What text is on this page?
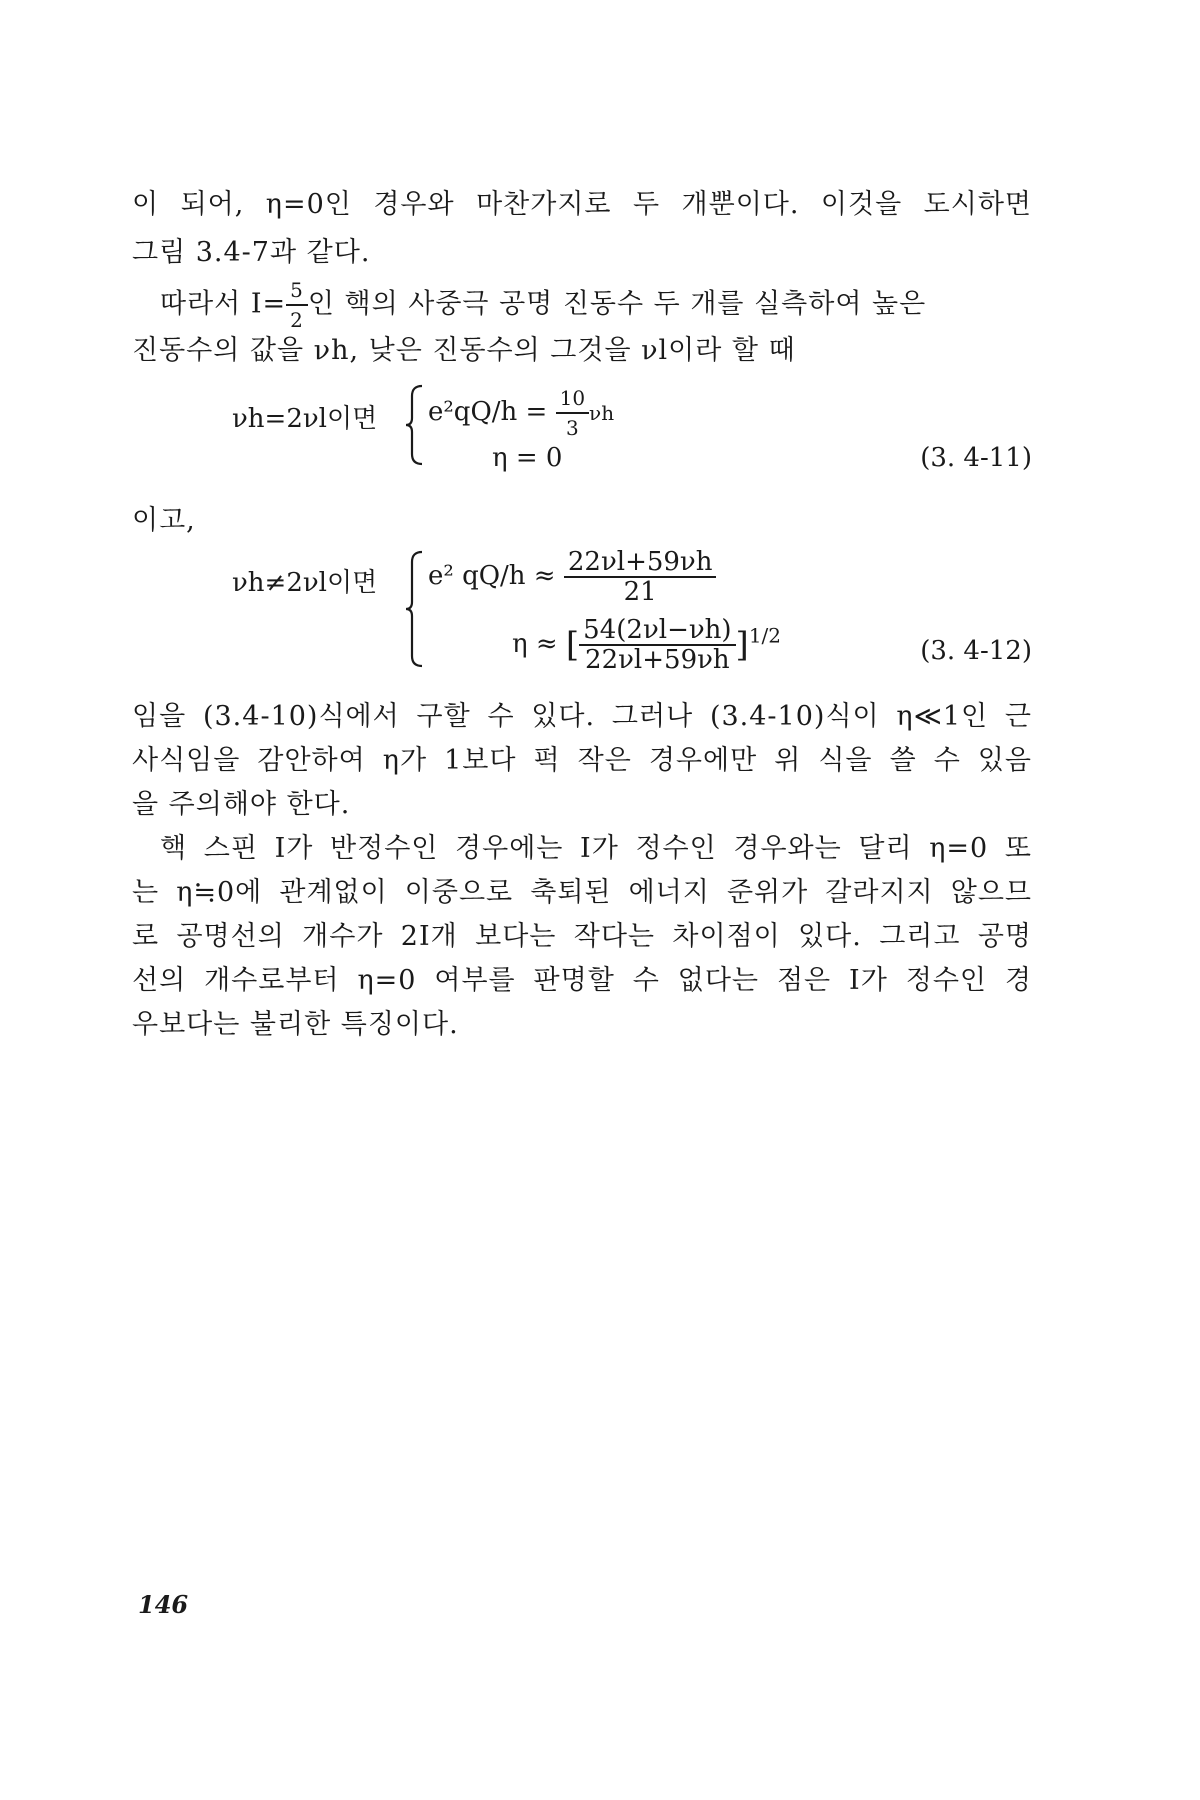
이 되어, η=0인 경우와 마찬가지로 두 개뿐이다. 이것을 도시하면
그림 3.4-7과 같다.
따라서 $I= \frac{5}{2}$ 인 핵의 사중극 공명 진동수 두 개를 실측하여 높은
진동수의 값을 νh, 낮은 진동수의 그것을 νl이라 할 때
νh=2νl이면 $e^2qQ/h = \frac{10}{3}$ νh
η = 0	(3. 4-11)
이고,
νh≠2νl이면 e² $qQ/h \approx \frac{22\nu l+59\nu h}{21}$
η ≈ [ $\frac{54(2\nu l-\nu h)}{22\nu l+59\nu h} ]^{1/2}$
(3. 4-12)
임을 (3.4-10)식에서 구할 수 있다. 그러나 (3.4-10)식이 η≪1인 근
사식임을 감안하여 η가 1보다 퍽 작은 경우에만 위 식을 쓸 수 있음
을 주의해야 한다.
핵 스핀 I가 반정수인 경우에는 I가 정수인 경우와는 달리 η=0 또
는 η≒0에 관계없이 이중으로 축퇴된 에너지 준위가 갈라지지 않으므
로 공명선의 개수가 2I개 보다는 작다는 차이점이 있다. 그리고 공명
선의 개수로부터 η=0 여부를 판명할 수 없다는 점은 I가 정수인 경
우보다는 불리한 특징이다.
146
